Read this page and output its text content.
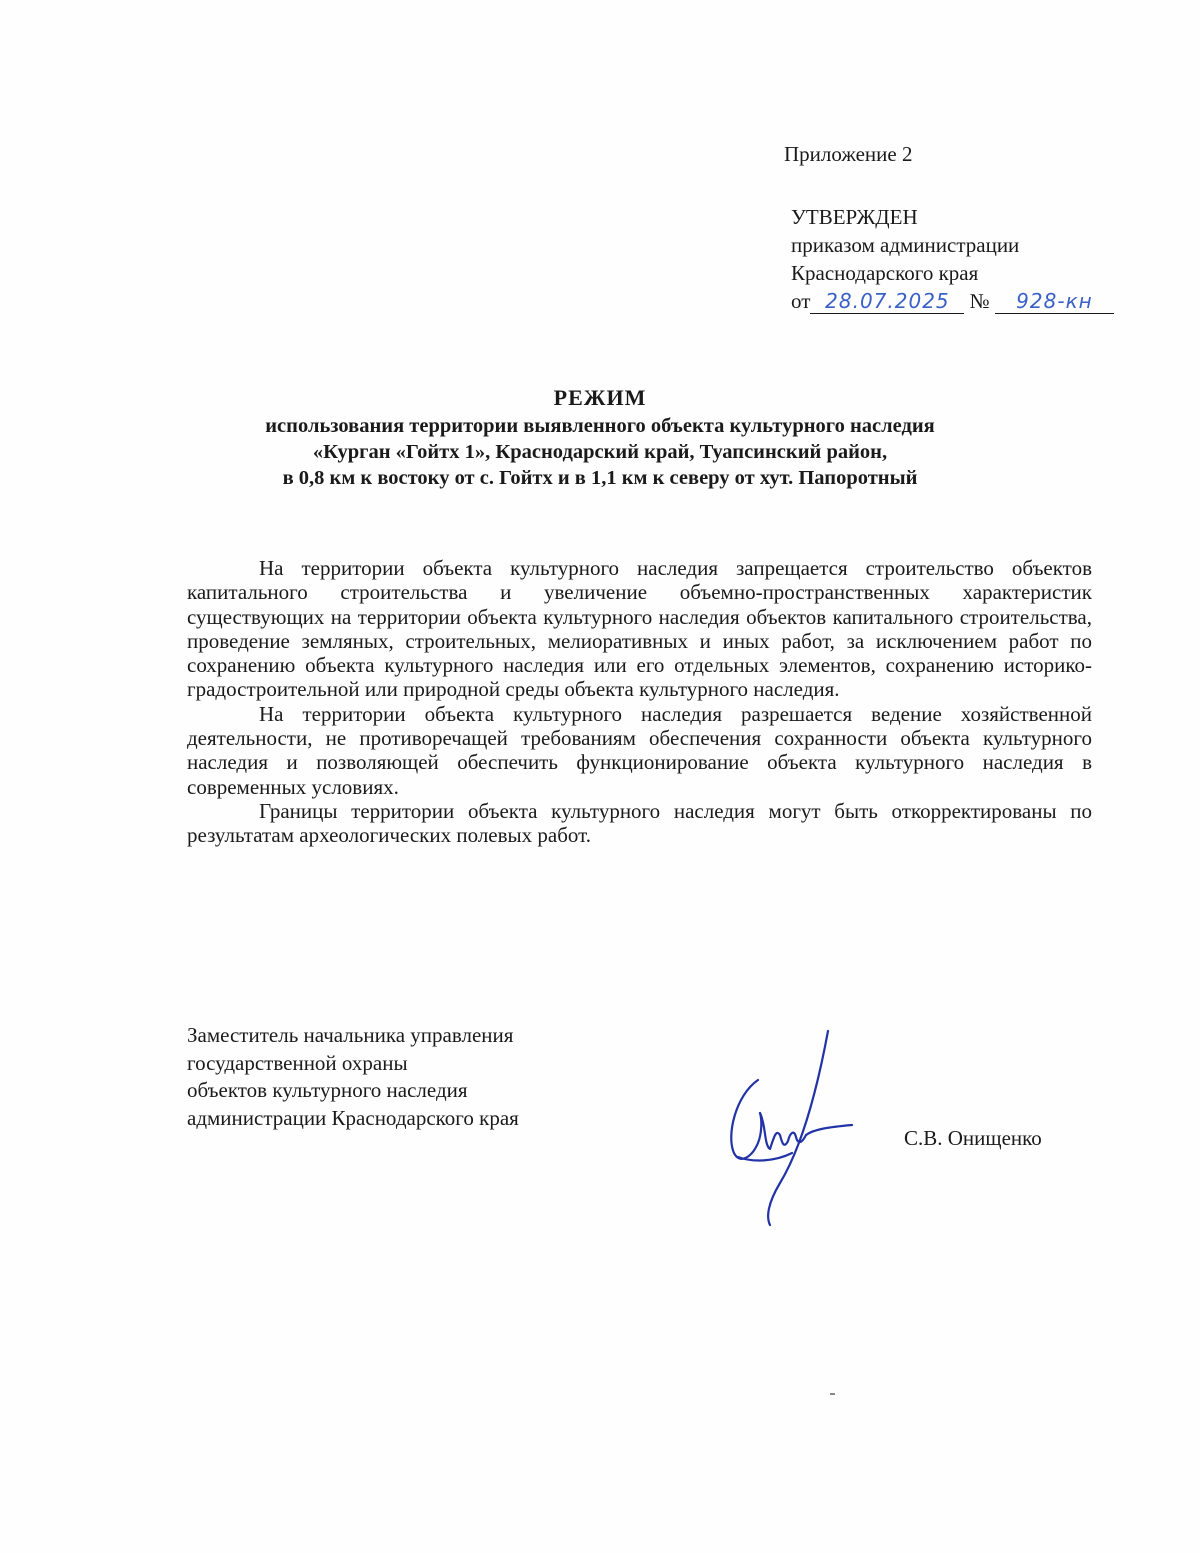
Приложение 2
УТВЕРЖДЕН
приказом администрации
Краснодарского края
от 28.07.2025 № 928-кн
РЕЖИМ
использования территории выявленного объекта культурного наследия
«Курган «Гойтх 1», Краснодарский край, Туапсинский район,
в 0,8 км к востоку от с. Гойтх и в 1,1 км к северу от хут. Папоротный

На территории объекта культурного наследия запрещается строительство объектов капитального строительства и увеличение объемно-пространственных характеристик существующих на территории объекта культурного наследия объектов капитального строительства, проведение земляных, строительных, мелиоративных и иных работ, за исключением работ по сохранению объекта культурного наследия или его отдельных элементов, сохранению историко-градостроительной или природной среды объекта культурного наследия.

На территории объекта культурного наследия разрешается ведение хозяйственной деятельности, не противоречащей требованиям обеспечения сохранности объекта культурного наследия и позволяющей обеспечить функционирование объекта культурного наследия в современных условиях.

Границы территории объекта культурного наследия могут быть откорректированы по результатам археологических полевых работ.

Заместитель начальника управления
государственной охраны
объектов культурного наследия
администрации Краснодарского края
С.В. Онищенко
